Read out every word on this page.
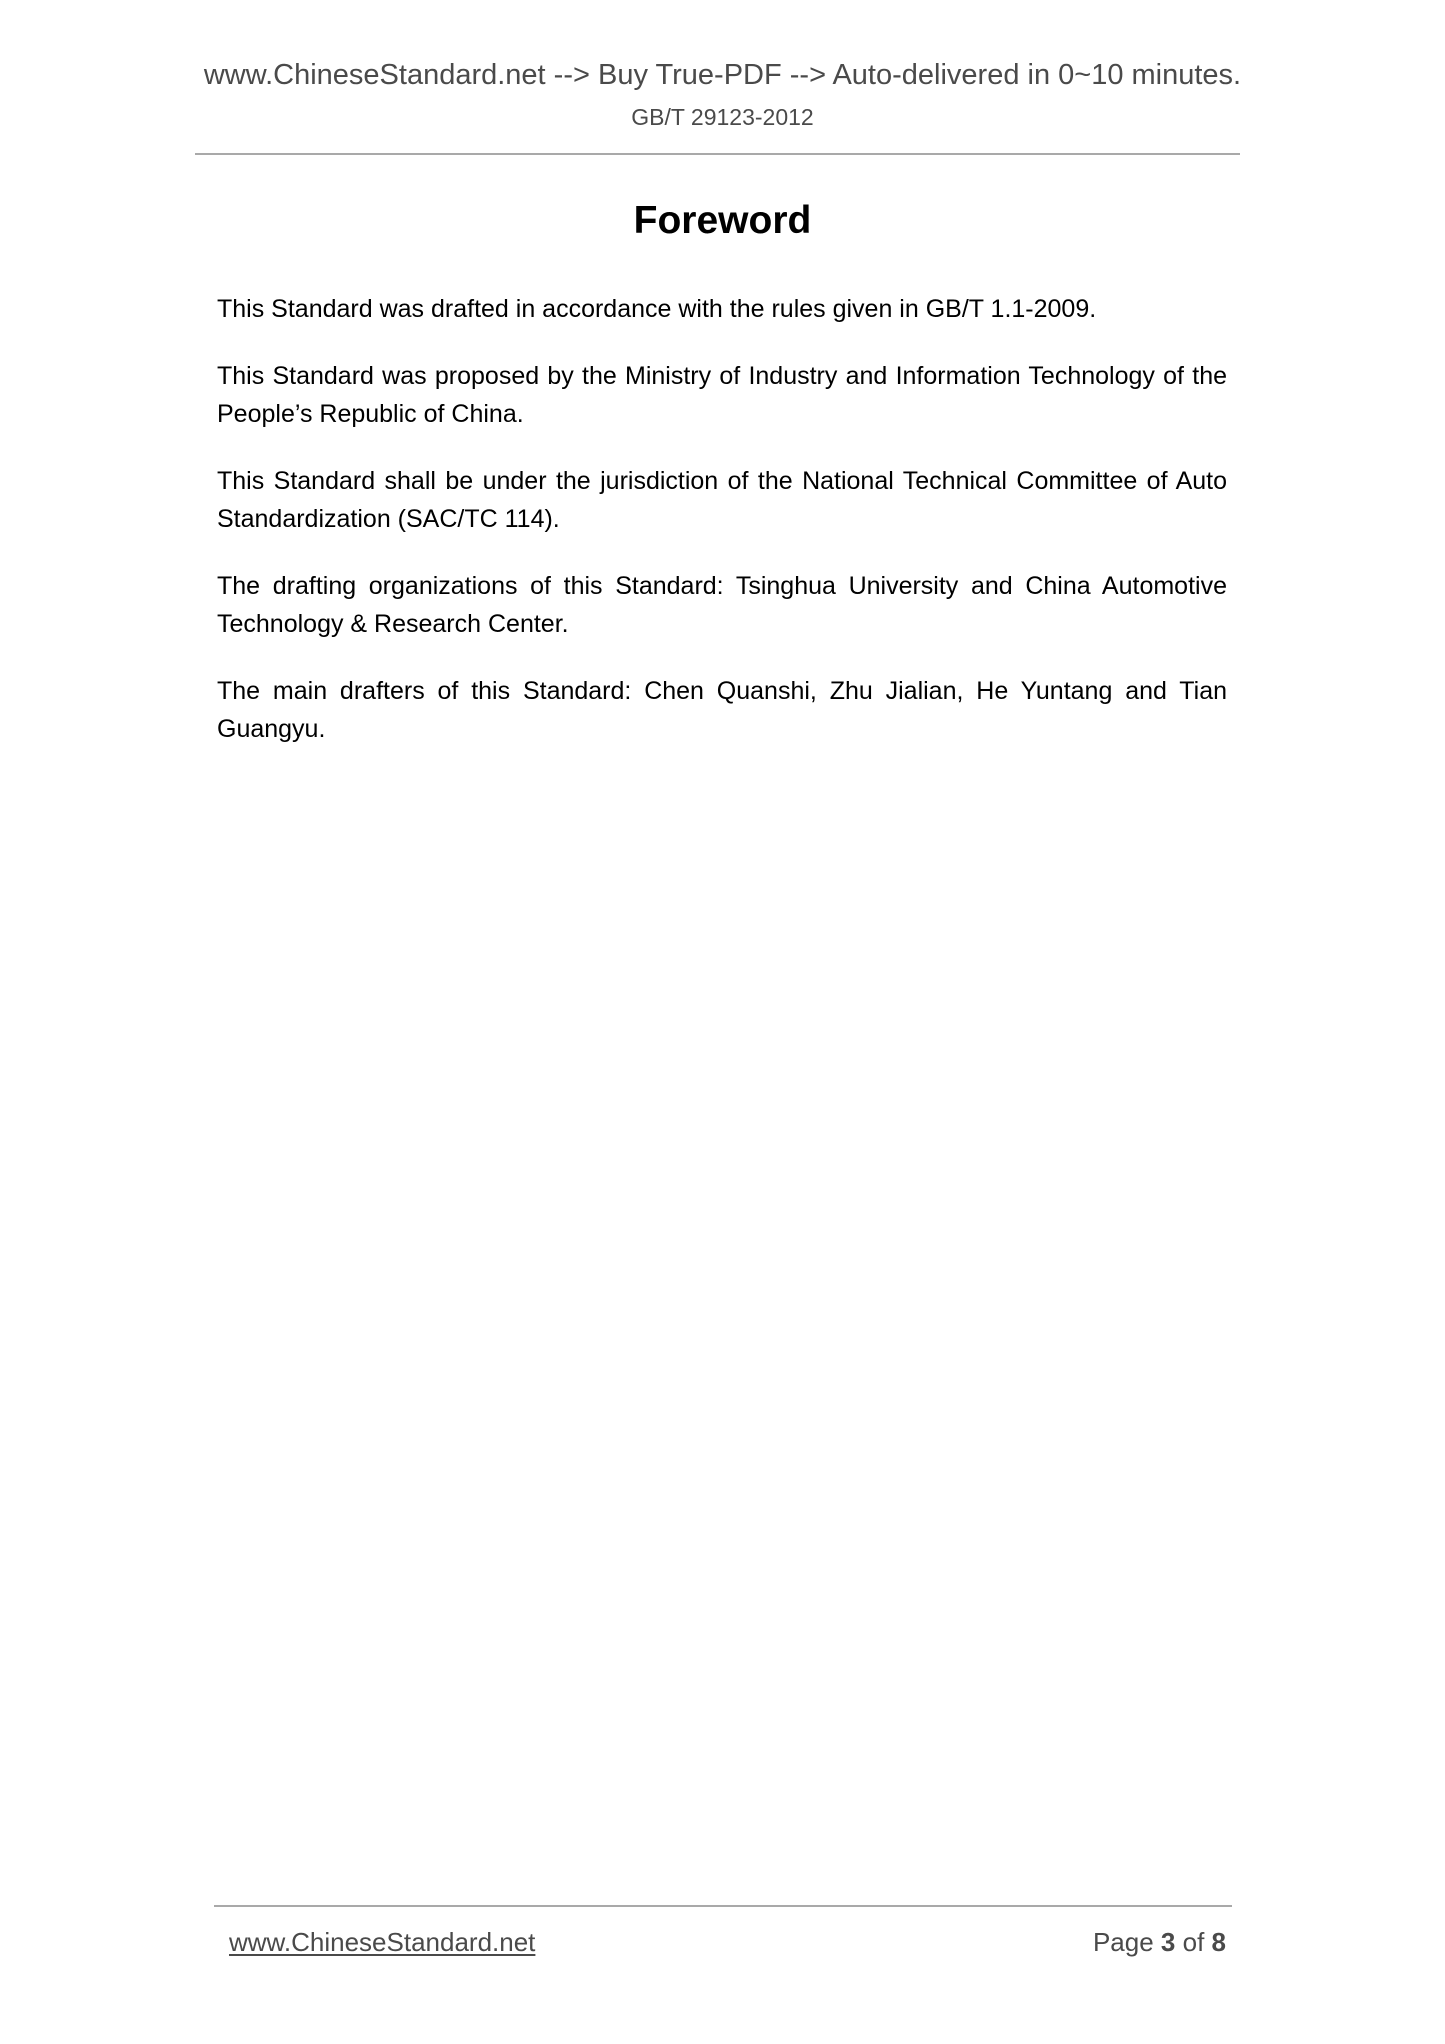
www.ChineseStandard.net --> Buy True-PDF --> Auto-delivered in 0~10 minutes.
GB/T 29123-2012
Foreword

This Standard was drafted in accordance with the rules given in GB/T 1.1-2009.

This Standard was proposed by the Ministry of Industry and Information Technology of the People’s Republic of China.

This Standard shall be under the jurisdiction of the National Technical Committee of Auto Standardization (SAC/TC 114).

The drafting organizations of this Standard: Tsinghua University and China Automotive Technology & Research Center.

The main drafters of this Standard: Chen Quanshi, Zhu Jialian, He Yuntang and Tian Guangyu.

www.ChineseStandard.net	Page 3 of 8
